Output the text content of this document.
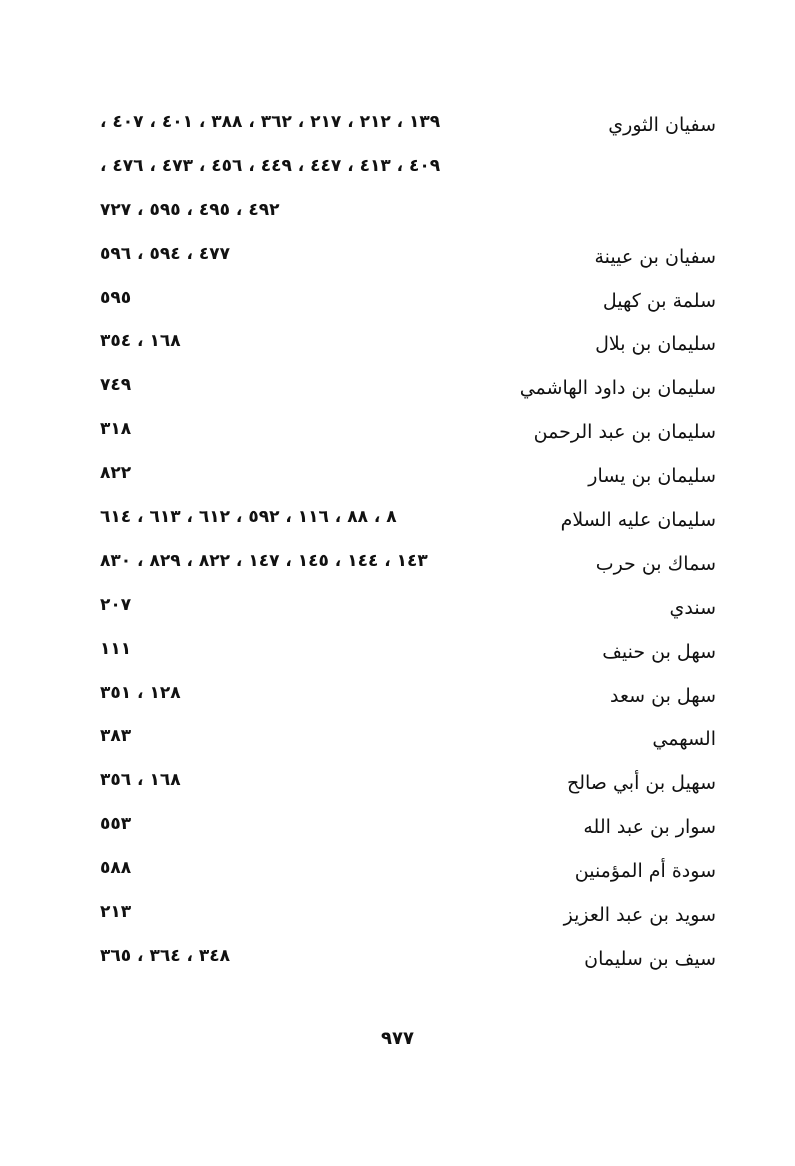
سفيان الثوري
١٣٩ ، ٢١٢ ، ٢١٧ ، ٣٦٢ ، ٣٨٨ ، ٤٠١ ، ٤٠٧ ،
٤٠٩ ، ٤١٣ ، ٤٤٧ ، ٤٤٩ ، ٤٥٦ ، ٤٧٣ ، ٤٧٦ ،
٤٩٢ ، ٤٩٥ ، ٥٩٥ ، ٧٢٧
سفيان بن عيينة
٤٧٧ ، ٥٩٤ ، ٥٩٦
سلمة بن كهيل
٥٩٥
سليمان بن بلال
١٦٨ ، ٣٥٤
سليمان بن داود الهاشمي
٧٤٩
سليمان بن عبد الرحمن
٣١٨
سليمان بن يسار
٨٢٢
سليمان عليه السلام
٨ ، ٨٨ ، ١١٦ ، ٥٩٢ ، ٦١٢ ، ٦١٣ ، ٦١٤
سماك بن حرب
١٤٣ ، ١٤٤ ، ١٤٥ ، ١٤٧ ، ٨٢٢ ، ٨٢٩ ، ٨٣٠
سندي
٢٠٧
سهل بن حنيف
١١١
سهل بن سعد
١٢٨ ، ٣٥١
السهمي
٣٨٣
سهيل بن أبي صالح
١٦٨ ، ٣٥٦
سوار بن عبد الله
٥٥٣
سودة أم المؤمنين
٥٨٨
سويد بن عبد العزيز
٢١٣
سيف بن سليمان
٣٤٨ ، ٣٦٤ ، ٣٦٥
٩٧٧
